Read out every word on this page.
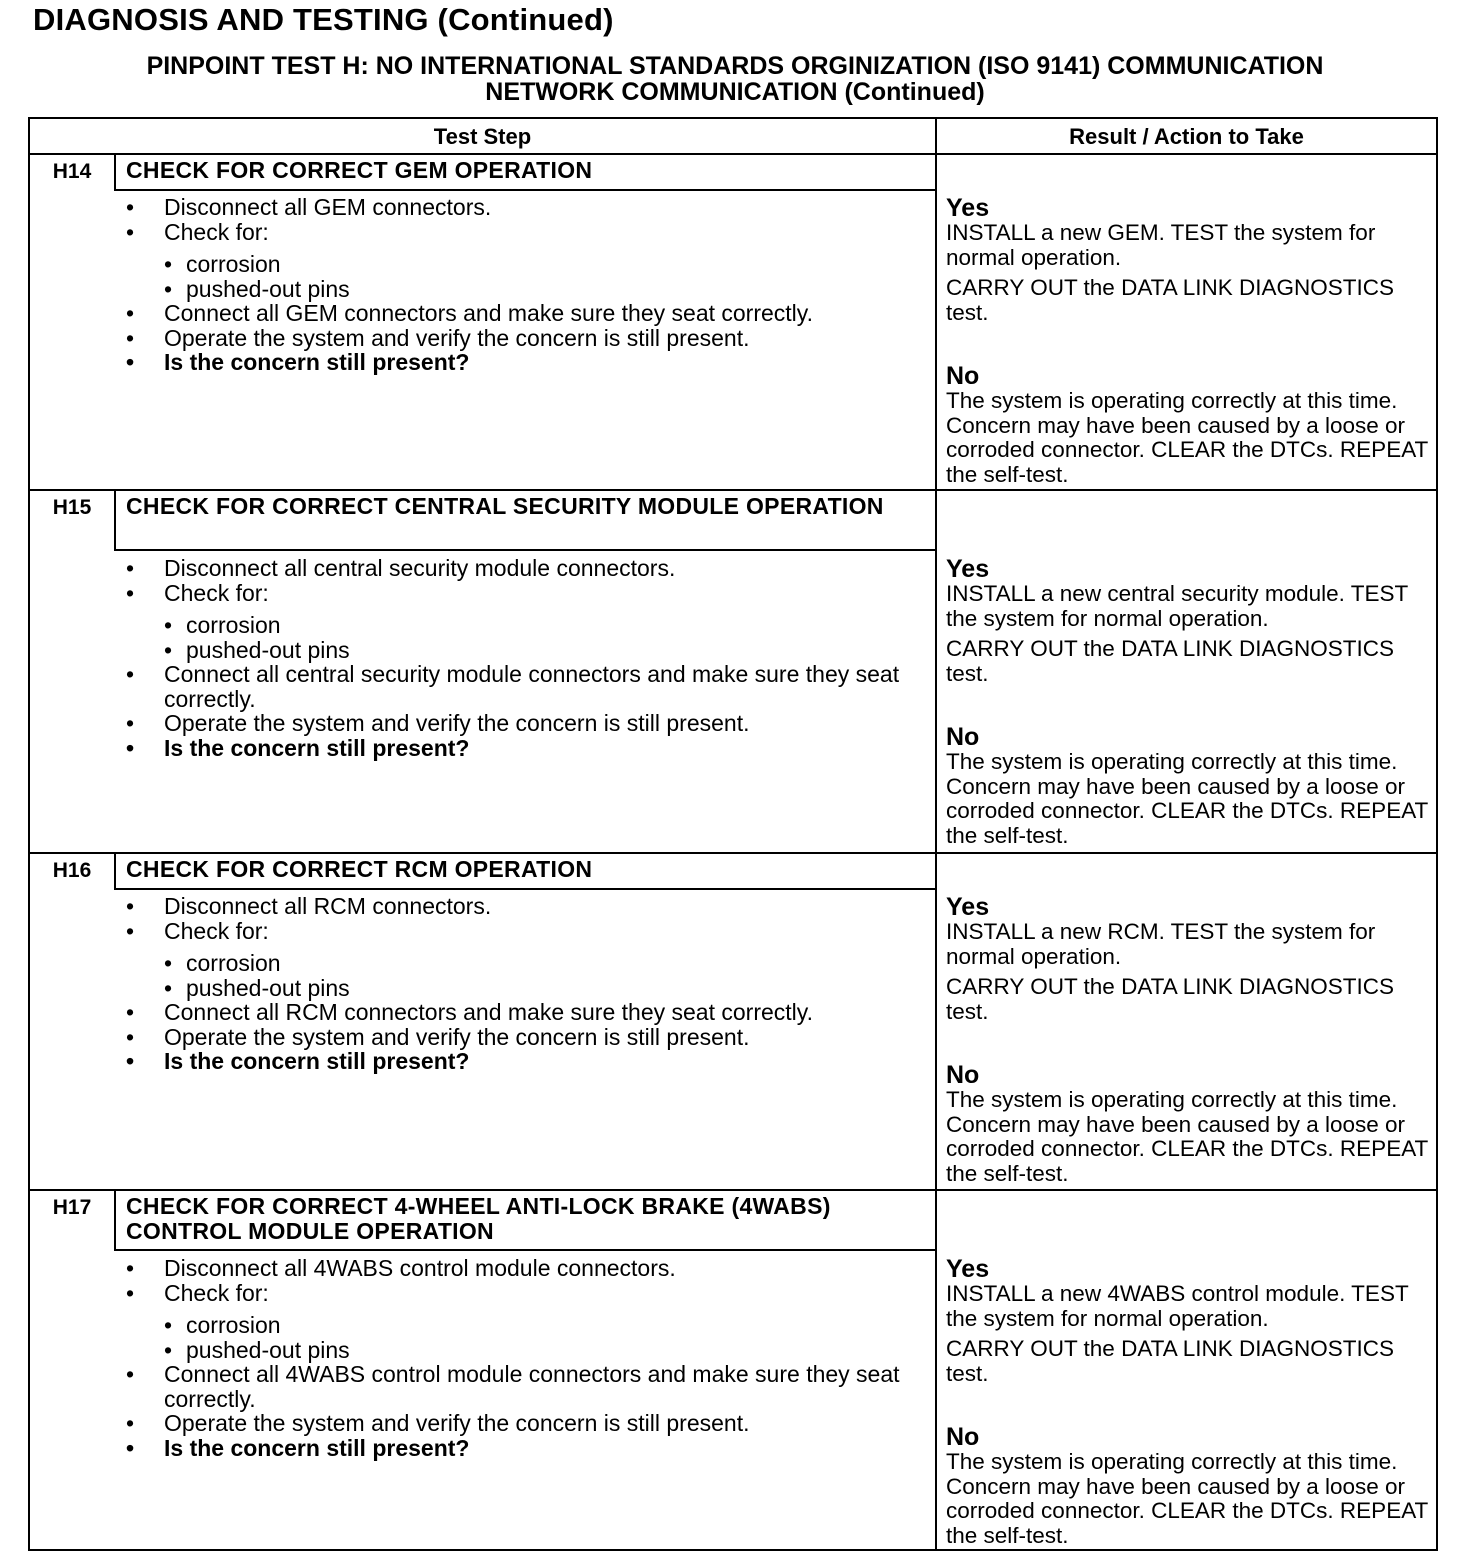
DIAGNOSIS AND TESTING (Continued)
PINPOINT TEST H: NO INTERNATIONAL STANDARDS ORGINIZATION (ISO 9141) COMMUNICATION
NETWORK COMMUNICATION (Continued)
Test Step	Result / Action to Take
H14	CHECK FOR CORRECT GEM OPERATION
• Disconnect all GEM connectors.
• Check for:
• corrosion
• pushed-out pins
• Connect all GEM connectors and make sure they seat correctly.
• Operate the system and verify the concern is still present.
• Is the concern still present?

Yes

INSTALL a new GEM. TEST the system for normal operation.

CARRY OUT the DATA LINK DIAGNOSTICS test.

No

The system is operating correctly at this time. Concern may have been caused by a loose or corroded connector. CLEAR the DTCs. REPEAT the self-test.

H15	CHECK FOR CORRECT CENTRAL SECURITY MODULE OPERATION
• Disconnect all central security module connectors.
• Check for:
• corrosion
• pushed-out pins
• Connect all central security module connectors and make sure they seat correctly.
• Operate the system and verify the concern is still present.
• Is the concern still present?

Yes

INSTALL a new central security module. TEST the system for normal operation.

CARRY OUT the DATA LINK DIAGNOSTICS test.

No

The system is operating correctly at this time. Concern may have been caused by a loose or corroded connector. CLEAR the DTCs. REPEAT the self-test.

H16	CHECK FOR CORRECT RCM OPERATION
• Disconnect all RCM connectors.
• Check for:
• corrosion
• pushed-out pins
• Connect all RCM connectors and make sure they seat correctly.
• Operate the system and verify the concern is still present.
• Is the concern still present?

Yes

INSTALL a new RCM. TEST the system for normal operation.

CARRY OUT the DATA LINK DIAGNOSTICS test.

No

The system is operating correctly at this time. Concern may have been caused by a loose or corroded connector. CLEAR the DTCs. REPEAT the self-test.

H17	CHECK FOR CORRECT 4-WHEEL ANTI-LOCK BRAKE (4WABS) CONTROL MODULE OPERATION
• Disconnect all 4WABS control module connectors.
• Check for:
• corrosion
• pushed-out pins
• Connect all 4WABS control module connectors and make sure they seat correctly.
• Operate the system and verify the concern is still present.
• Is the concern still present?

Yes

INSTALL a new 4WABS control module. TEST the system for normal operation.

CARRY OUT the DATA LINK DIAGNOSTICS test.

No

The system is operating correctly at this time. Concern may have been caused by a loose or corroded connector. CLEAR the DTCs. REPEAT the self-test.
